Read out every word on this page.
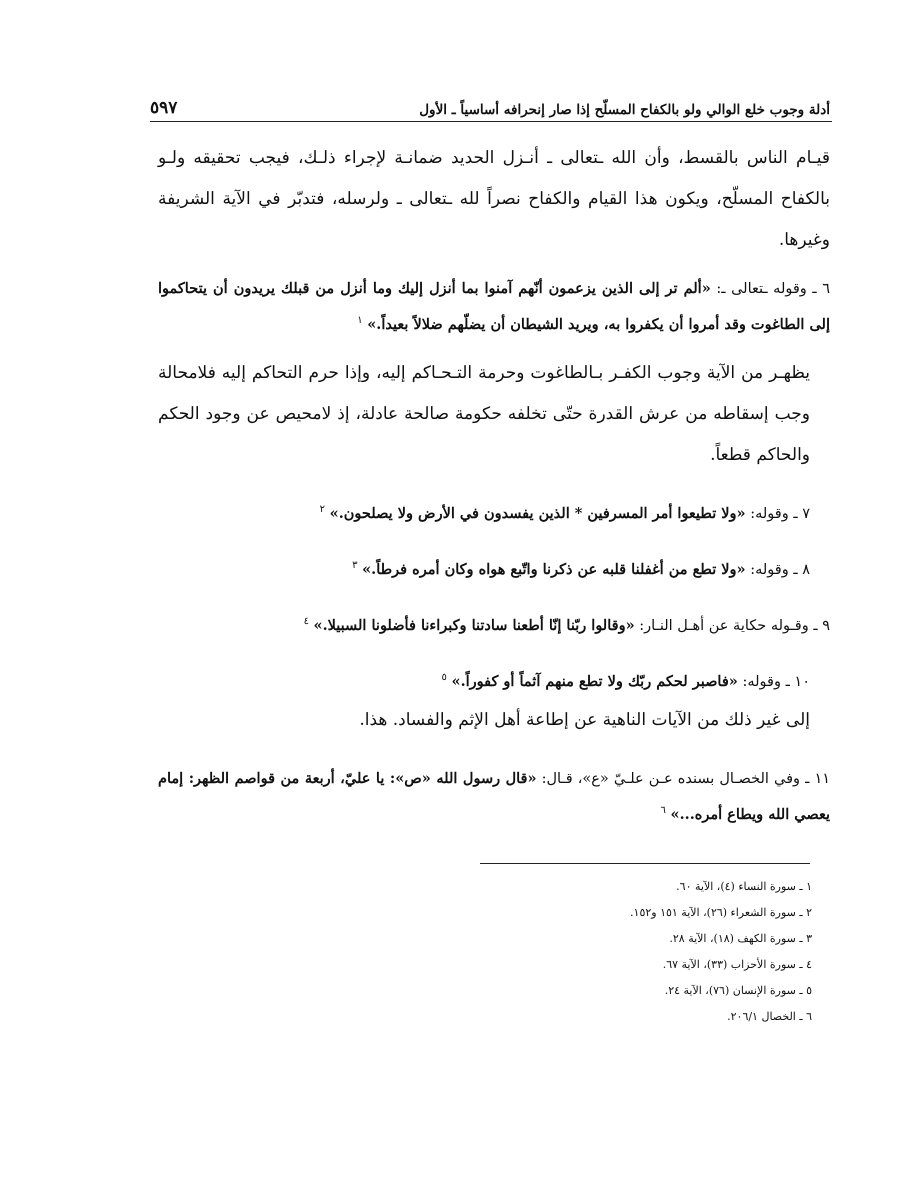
أدلة وجوب خلع الوالي ولو بالكفاح المسلّح إذا صار إنحرافه أساسياً ـ الأول
٥٩٧

قيـام الناس بالقسط، وأن الله ـتعالى ـ أنـزل الحديد ضمانـة لإجراء ذلـك، فيجب تحقيقه ولـو بالكفاح المسلّح، ويكون هذا القيام والكفاح نصراً لله ـتعالى ـ ولرسله، فتدبّر في الآية الشريفة وغيرها.

٦ ـ وقوله ـتعالى ـ: «ألم تر إلى الذين يزعمون أنّهم آمنوا بما أنزل إليك وما أنزل من قبلك يريدون أن يتحاكموا إلى الطاغوت وقد أمروا أن يكفروا به، ويريد الشيطان أن يضلّهم ضلالاً بعيداً.» $^١$

يظهـر من الآية وجوب الكفـر بـالطاغوت وحرمة التـحـاكم إليه، وإذا حرم التحاكم إليه فلامحالة وجب إسقاطه من عرش القدرة حتّى تخلفه حكومة صالحة عادلة، إذ لامحيص عن وجود الحكم والحاكم قطعاً.

٧ ـ وقوله: «ولا تطيعوا أمر المسرفين * الذين يفسدون في الأرض ولا يصلحون.» $^٢$

٨ ـ وقوله: «ولا تطع من أغفلنا قلبه عن ذكرنا واتّبع هواه وكان أمره فرطاً.» $^٣$

٩ ـ وقـوله حكاية عن أهـل النـار: «وقالوا ربّنا إنّا أطعنا سادتنا وكبراءنا فأضلونا السبيلا.» $^٤$

١٠ ـ وقوله: «فاصبر لحكم ربّك ولا تطع منهم آثماً أو كفوراً.» $^٥$

إلى غير ذلك من الآيات الناهية عن إطاعة أهل الإثم والفساد. هذا.

١١ ـ وفي الخصـال بسنده عـن علـيّ «ع»، قـال: «قال رسول الله «ص»: يا عليّ، أربعة من قواصم الظهر: إمام يعصي الله ويطاع أمره...» $^٦$

١ ـ سورة النساء (٤)، الآية ٦٠.
٢ ـ سورة الشعراء (٢٦)، الآية ١٥١ و١٥٢.
٣ ـ سورة الكهف (١٨)، الآية ٢٨.
٤ ـ سورة الأحزاب (٣٣)، الآية ٦٧.
٥ ـ سورة الإنسان (٧٦)، الآية ٢٤.
٦ ـ الخصال ٢٠٦/١.
